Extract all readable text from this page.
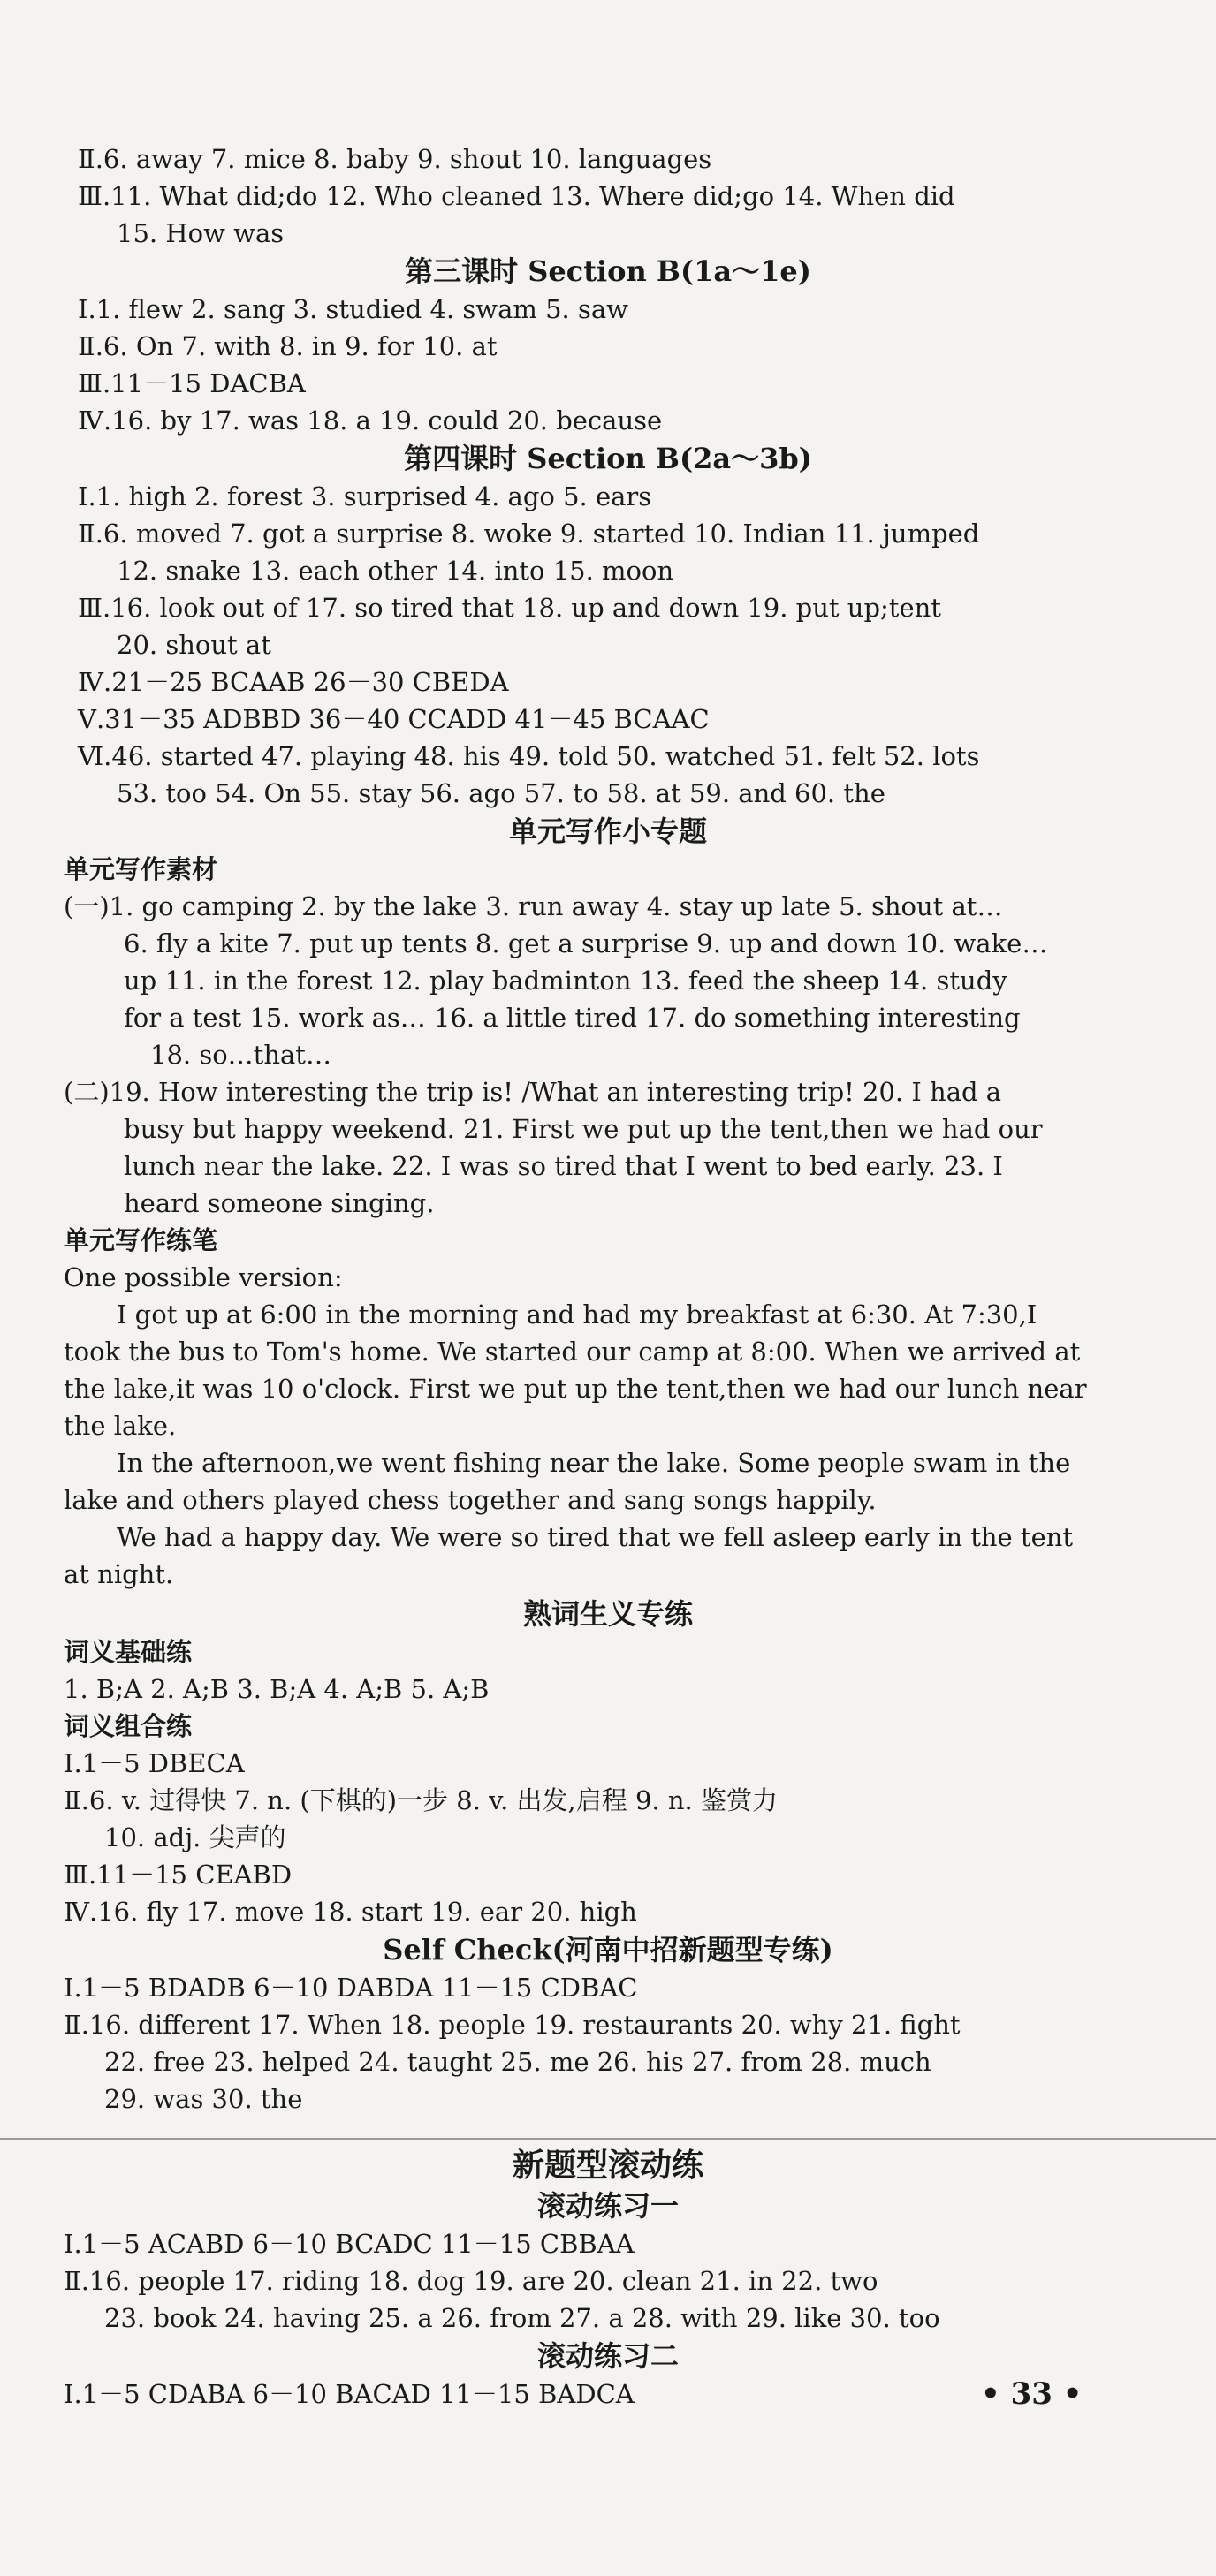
Ⅱ.6. away 7. mice 8. baby 9. shout 10. languages
Ⅲ.11. What did;do 12. Who cleaned 13. Where did;go 14. When did
15. How was
第三课时 Section B(1a～1e)
Ⅰ.1. flew 2. sang 3. studied 4. swam 5. saw
Ⅱ.6. On 7. with 8. in 9. for 10. at
Ⅲ.11－15 DACBA
Ⅳ.16. by 17. was 18. a 19. could 20. because
第四课时 Section B(2a～3b)
Ⅰ.1. high 2. forest 3. surprised 4. ago 5. ears
Ⅱ.6. moved 7. got a surprise 8. woke 9. started 10. Indian 11. jumped
12. snake 13. each other 14. into 15. moon
Ⅲ.16. look out of 17. so tired that 18. up and down 19. put up;tent
20. shout at
Ⅳ.21－25 BCAAB 26－30 CBEDA
Ⅴ.31－35 ADBBD 36－40 CCADD 41－45 BCAAC
Ⅵ.46. started 47. playing 48. his 49. told 50. watched 51. felt 52. lots
53. too 54. On 55. stay 56. ago 57. to 58. at 59. and 60. the
单元写作小专题
单元写作素材
(一)1. go camping 2. by the lake 3. run away 4. stay up late 5. shout at…
6. fly a kite 7. put up tents 8. get a surprise 9. up and down 10. wake…
up 11. in the forest 12. play badminton 13. feed the sheep 14. study
for a test 15. work as… 16. a little tired 17. do something interesting
18. so…that…
(二)19. How interesting the trip is! /What an interesting trip! 20. I had a
busy but happy weekend. 21. First we put up the tent,then we had our
lunch near the lake. 22. I was so tired that I went to bed early. 23. I
heard someone singing.
单元写作练笔
One possible version:
I got up at 6:00 in the morning and had my breakfast at 6:30. At 7:30,I
took the bus to Tom's home. We started our camp at 8:00. When we arrived at
the lake,it was 10 o'clock. First we put up the tent,then we had our lunch near
the lake.
In the afternoon,we went fishing near the lake. Some people swam in the
lake and others played chess together and sang songs happily.
We had a happy day. We were so tired that we fell asleep early in the tent
at night.
熟词生义专练
词义基础练
1. B;A 2. A;B 3. B;A 4. A;B 5. A;B
词义组合练
Ⅰ.1－5 DBECA
Ⅱ.6. v. 过得快 7. n. (下棋的)一步 8. v. 出发,启程 9. n. 鉴赏力
10. adj. 尖声的
Ⅲ.11－15 CEABD
Ⅳ.16. fly 17. move 18. start 19. ear 20. high
Self Check(河南中招新题型专练)
Ⅰ.1－5 BDADB 6－10 DABDA 11－15 CDBAC
Ⅱ.16. different 17. When 18. people 19. restaurants 20. why 21. fight
22. free 23. helped 24. taught 25. me 26. his 27. from 28. much
29. was 30. the
新题型滚动练
滚动练习一
Ⅰ.1－5 ACABD 6－10 BCADC 11－15 CBBAA
Ⅱ.16. people 17. riding 18. dog 19. are 20. clean 21. in 22. two
23. book 24. having 25. a 26. from 27. a 28. with 29. like 30. too
滚动练习二
Ⅰ.1－5 CDABA 6－10 BACAD 11－15 BADCA	• 33 •
